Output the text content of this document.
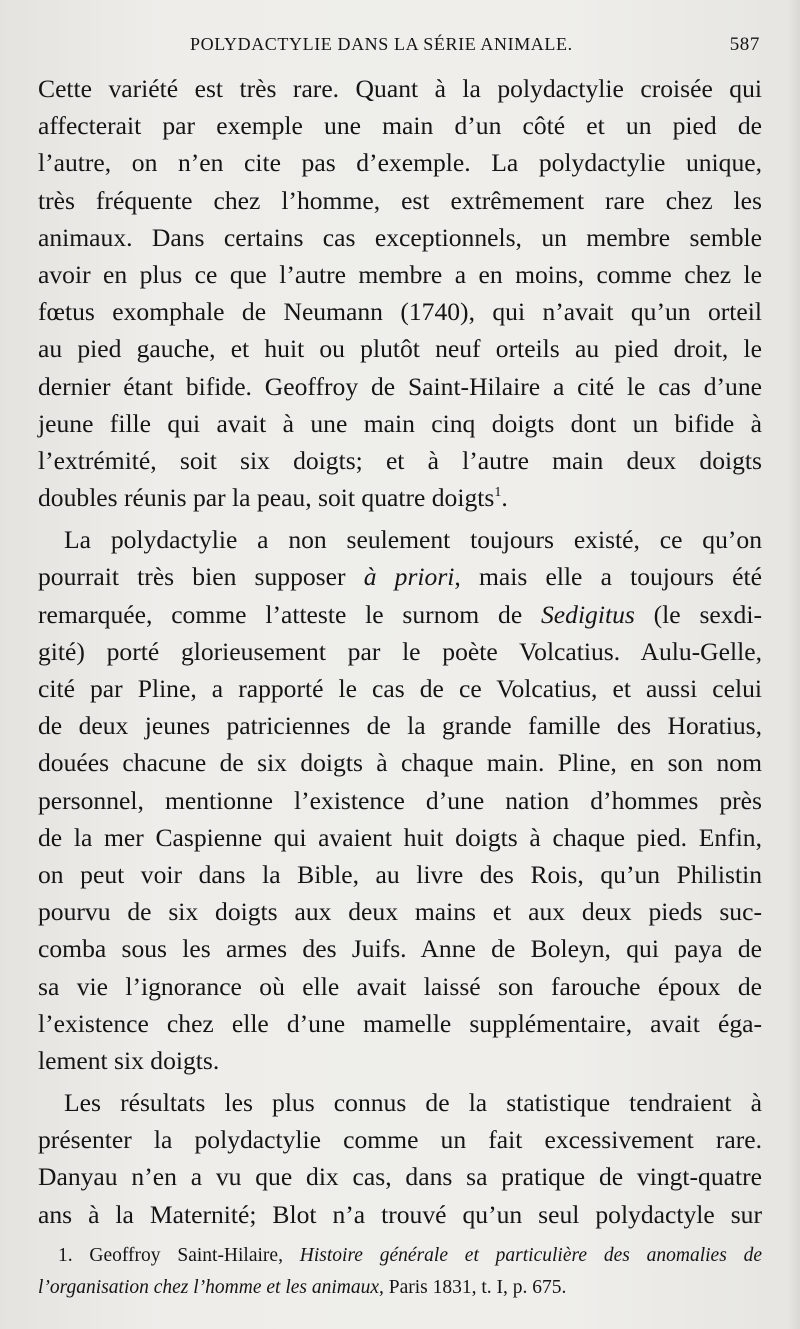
POLYDACTYLIE DANS LA SÉRIE ANIMALE.	587
Cette variété est très rare. Quant à la polydactylie croisée qui
affecterait par exemple une main d’un côté et un pied de
l’autre, on n’en cite pas d’exemple. La polydactylie unique,
très fréquente chez l’homme, est extrêmement rare chez les
animaux. Dans certains cas exceptionnels, un membre semble
avoir en plus ce que l’autre membre a en moins, comme chez le
fœtus exomphale de Neumann (1740), qui n’avait qu’un orteil
au pied gauche, et huit ou plutôt neuf orteils au pied droit, le
dernier étant bifide. Geoffroy de Saint-Hilaire a cité le cas d’une
jeune fille qui avait à une main cinq doigts dont un bifide à
l’extrémité, soit six doigts; et à l’autre main deux doigts
doubles réunis par la peau, soit quatre doigts$^1$.
La polydactylie a non seulement toujours existé, ce qu’on
pourrait très bien supposer à priori, mais elle a toujours été
remarquée, comme l’atteste le surnom de Sedigitus (le sexdi-
gité) porté glorieusement par le poète Volcatius. Aulu-Gelle,
cité par Pline, a rapporté le cas de ce Volcatius, et aussi celui
de deux jeunes patriciennes de la grande famille des Horatius,
douées chacune de six doigts à chaque main. Pline, en son nom
personnel, mentionne l’existence d’une nation d’hommes près
de la mer Caspienne qui avaient huit doigts à chaque pied. Enfin,
on peut voir dans la Bible, au livre des Rois, qu’un Philistin
pourvu de six doigts aux deux mains et aux deux pieds suc-
comba sous les armes des Juifs. Anne de Boleyn, qui paya de
sa vie l’ignorance où elle avait laissé son farouche époux de
l’existence chez elle d’une mamelle supplémentaire, avait éga-
lement six doigts.
Les résultats les plus connus de la statistique tendraient à
présenter la polydactylie comme un fait excessivement rare.
Danyau n’en a vu que dix cas, dans sa pratique de vingt-quatre
ans à la Maternité; Blot n’a trouvé qu’un seul polydactyle sur
1. Geoffroy Saint-Hilaire, Histoire générale et particulière des anomalies de
l’organisation chez l’homme et les animaux, Paris 1831, t. I, p. 675.
